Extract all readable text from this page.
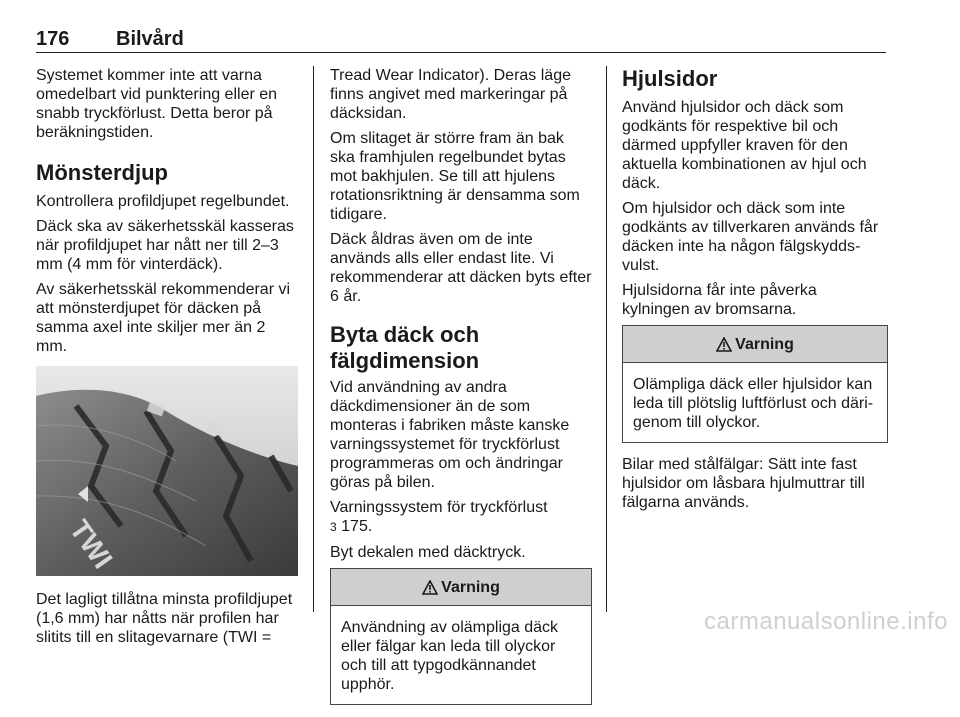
176 Bilvård

Systemet kommer inte att varna omedelbart vid punktering eller en snabb tryckförlust. Detta beror på beräkningstiden.

Mönsterdjup

Kontrollera profildjupet regelbundet.

Däck ska av säkerhetsskäl kasseras när profildjupet har nått ner till 2–3 mm (4 mm för vinterdäck).

Av säkerhetsskäl rekommenderar vi att mönsterdjupet för däcken på samma axel inte skiljer mer än 2 mm.

TWI

Det lagligt tillåtna minsta profildjupet (1,6 mm) har nåtts när profilen har slitits till en slitagevarnare (TWI =

Tread Wear Indicator). Deras läge finns angivet med markeringar på däcksidan.

Om slitaget är större fram än bak ska framhjulen regelbundet bytas mot bakhjulen. Se till att hjulens rotationsriktning är densamma som tidigare.

Däck åldras även om de inte används alls eller endast lite. Vi rekommenderar att däcken byts efter 6 år.

Byta däck och fälgdimension

Vid användning av andra däckdimensioner än de som monteras i fabriken måste kanske varningssystemet för tryckförlust programmeras om och ändringar göras på bilen.

Varningssystem för tryckförlust
3 175.

Byt dekalen med däcktryck.

Varning
Användning av olämpliga däck eller fälgar kan leda till olyckor och till att typgodkännandet upphör.
Hjulsidor

Använd hjulsidor och däck som godkänts för respektive bil och därmed uppfyller kraven för den aktuella kombinationen av hjul och däck.

Om hjulsidor och däck som inte godkänts av tillverkaren används får däcken inte ha någon fälgskyddsvulst.

Hjulsidorna får inte påverka kylningen av bromsarna.

Varning
Olämpliga däck eller hjulsidor kan leda till plötslig luftförlust och därigenom till olyckor.

Bilar med stålfälgar: Sätt inte fast hjulsidor om låsbara hjulmuttrar till fälgarna används.

carmanualsonline.info
